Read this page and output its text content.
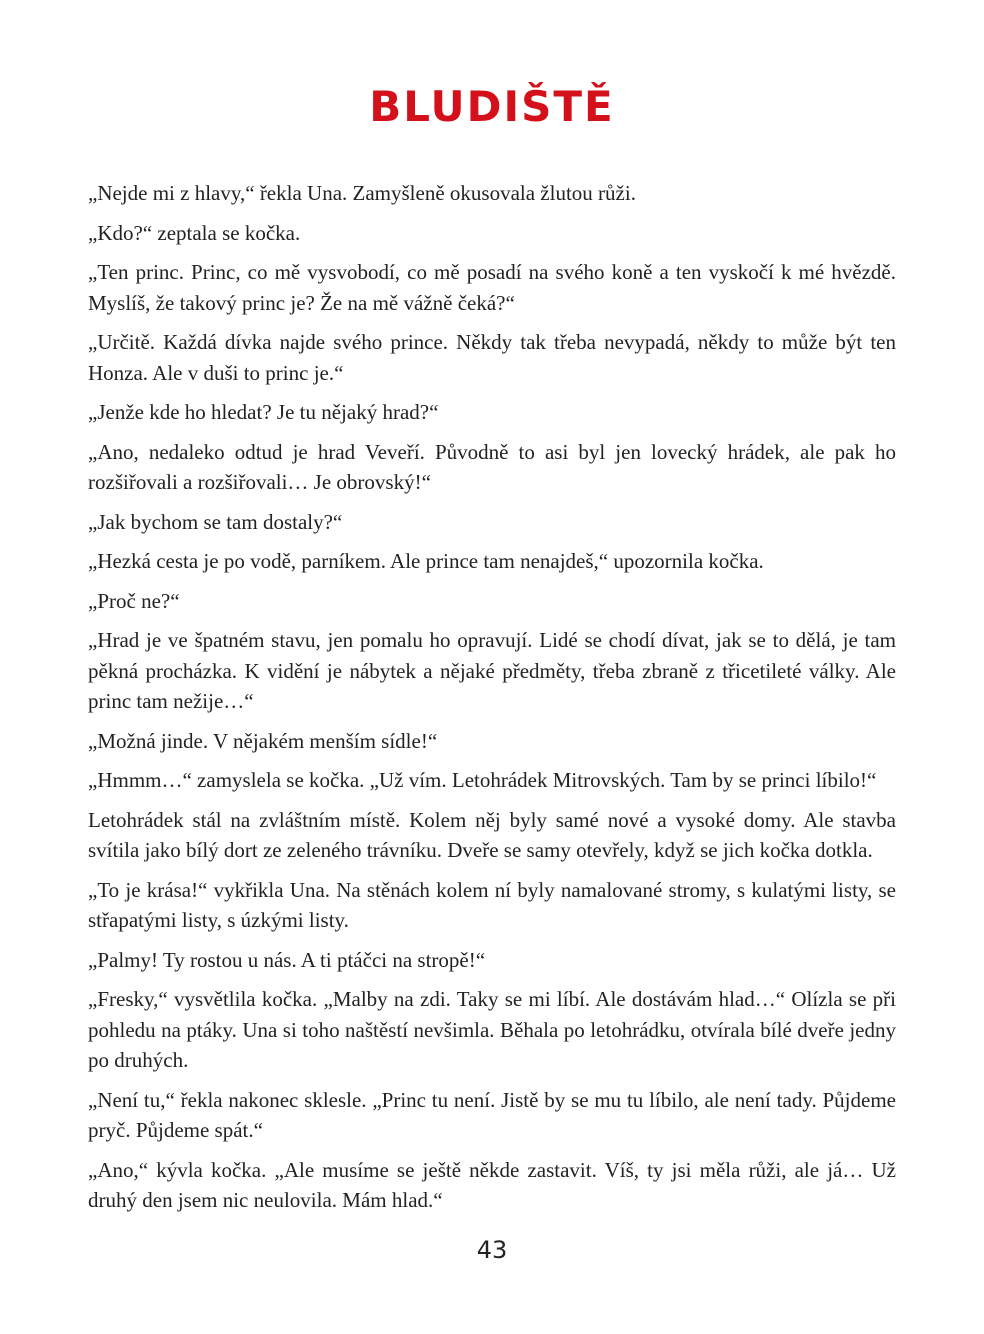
BLUDIŠTĚ

„Nejde mi z hlavy,“ řekla Una. Zamyšleně okusovala žlutou růži.

„Kdo?“ zeptala se kočka.

„Ten princ. Princ, co mě vysvobodí, co mě posadí na svého koně a ten vyskočí k mé hvězdě. Myslíš, že takový princ je? Že na mě vážně čeká?“

„Určitě. Každá dívka najde svého prince. Někdy tak třeba nevypadá, někdy to může být ten Honza. Ale v duši to princ je.“

„Jenže kde ho hledat? Je tu nějaký hrad?“

„Ano, nedaleko odtud je hrad Veveří. Původně to asi byl jen lovecký hrádek, ale pak ho rozšiřovali a rozšiřovali… Je obrovský!“

„Jak bychom se tam dostaly?“

„Hezká cesta je po vodě, parníkem. Ale prince tam nenajdeš,“ upozornila kočka.

„Proč ne?“

„Hrad je ve špatném stavu, jen pomalu ho opravují. Lidé se chodí dívat, jak se to dělá, je tam pěkná procházka. K vidění je nábytek a nějaké předměty, třeba zbraně z třicetileté války. Ale princ tam nežije…“

„Možná jinde. V nějakém menším sídle!“

„Hmmm…“ zamyslela se kočka. „Už vím. Letohrádek Mitrovských. Tam by se princi líbilo!“

Letohrádek stál na zvláštním místě. Kolem něj byly samé nové a vysoké domy. Ale stavba svítila jako bílý dort ze zeleného trávníku. Dveře se samy otevřely, když se jich kočka dotkla.

„To je krása!“ vykřikla Una. Na stěnách kolem ní byly namalované stromy, s kulatými listy, se střapatými listy, s úzkými listy.

„Palmy! Ty rostou u nás. A ti ptáčci na stropě!“

„Fresky,“ vysvětlila kočka. „Malby na zdi. Taky se mi líbí. Ale dostávám hlad…“ Olízla se při pohledu na ptáky. Una si toho naštěstí nevšimla. Běhala po letohrádku, otvírala bílé dveře jedny po druhých.

„Není tu,“ řekla nakonec sklesle. „Princ tu není. Jistě by se mu tu líbilo, ale není tady. Půjdeme pryč. Půjdeme spát.“

„Ano,“ kývla kočka. „Ale musíme se ještě někde zastavit. Víš, ty jsi měla růži, ale já… Už druhý den jsem nic neulovila. Mám hlad.“

43
